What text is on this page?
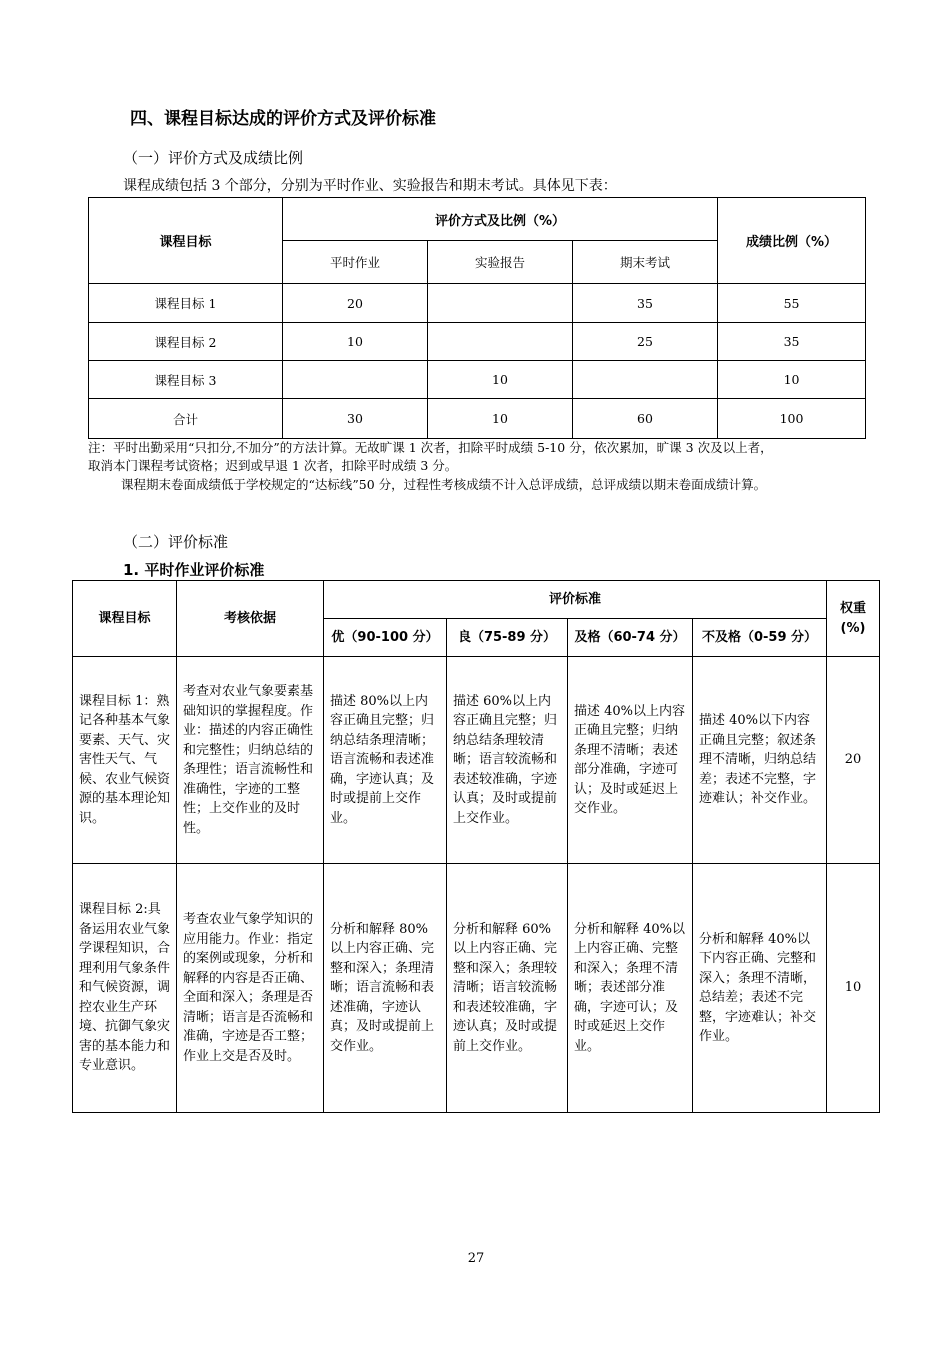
四、课程目标达成的评价方式及评价标准
（一）评价方式及成绩比例
课程成绩包括 3 个部分，分别为平时作业、实验报告和期末考试。具体见下表：
课程目标	评价方式及比例（%）			成绩比例（%）
	平时作业	实验报告	期末考试	
课程目标 1	20		35	55
课程目标 2	10		25	35
课程目标 3		10		10
合计	30	10	60	100
注：平时出勤采用“只扣分,不加分”的方法计算。无故旷课 1 次者，扣除平时成绩 5-10 分，依次累加，旷课 3 次及以上者，
取消本门课程考试资格；迟到或早退 1 次者，扣除平时成绩 3 分。
课程期末卷面成绩低于学校规定的“达标线”50 分，过程性考核成绩不计入总评成绩，总评成绩以期末卷面成绩计算。
（二）评价标准
1. 平时作业评价标准
课程目标	考核依据	评价标准				权重
(%)

		优（90-100 分）	良（75-89 分）	及格（60-74 分）	不及格（0-59 分）	
课程目标 1：熟记各种基本气象要素、天气、灾害性天气、气候、农业气候资源的基本理论知识。	考查对农业气象要素基础知识的掌握程度。作业：描述的内容正确性和完整性；归纳总结的条理性；语言流畅性和准确性，字迹的工整性；上交作业的及时性。	描述 80%以上内容正确且完整；归纳总结条理清晰；语言流畅和表述准确，字迹认真；及时或提前上交作业。	描述 60%以上内容正确且完整；归纳总结条理较清晰；语言较流畅和表述较准确，字迹认真；及时或提前上交作业。	描述 40%以上内容正确且完整；归纳条理不清晰；表述部分准确，字迹可认；及时或延迟上交作业。	描述 40%以下内容正确且完整；叙述条理不清晰，归纳总结差；表述不完整，字迹难认；补交作业。	20
课程目标 2:具备运用农业气象学课程知识，合理利用气象条件和气候资源，调控农业生产环境、抗御气象灾害的基本能力和专业意识。	考查农业气象学知识的应用能力。作业：指定的案例或现象，分析和解释的内容是否正确、全面和深入；条理是否清晰；语言是否流畅和准确，字迹是否工整；作业上交是否及时。	分析和解释 80%以上内容正确、完整和深入；条理清晰；语言流畅和表述准确，字迹认真；及时或提前上交作业。	分析和解释 60%以上内容正确、完整和深入；条理较清晰；语言较流畅和表述较准确，字迹认真；及时或提前上交作业。	分析和解释 40%以上内容正确、完整和深入；条理不清晰；表述部分准确，字迹可认；及时或延迟上交作业。	分析和解释 40%以下内容正确、完整和深入；条理不清晰，总结差；表述不完整，字迹难认；补交作业。	10
27
